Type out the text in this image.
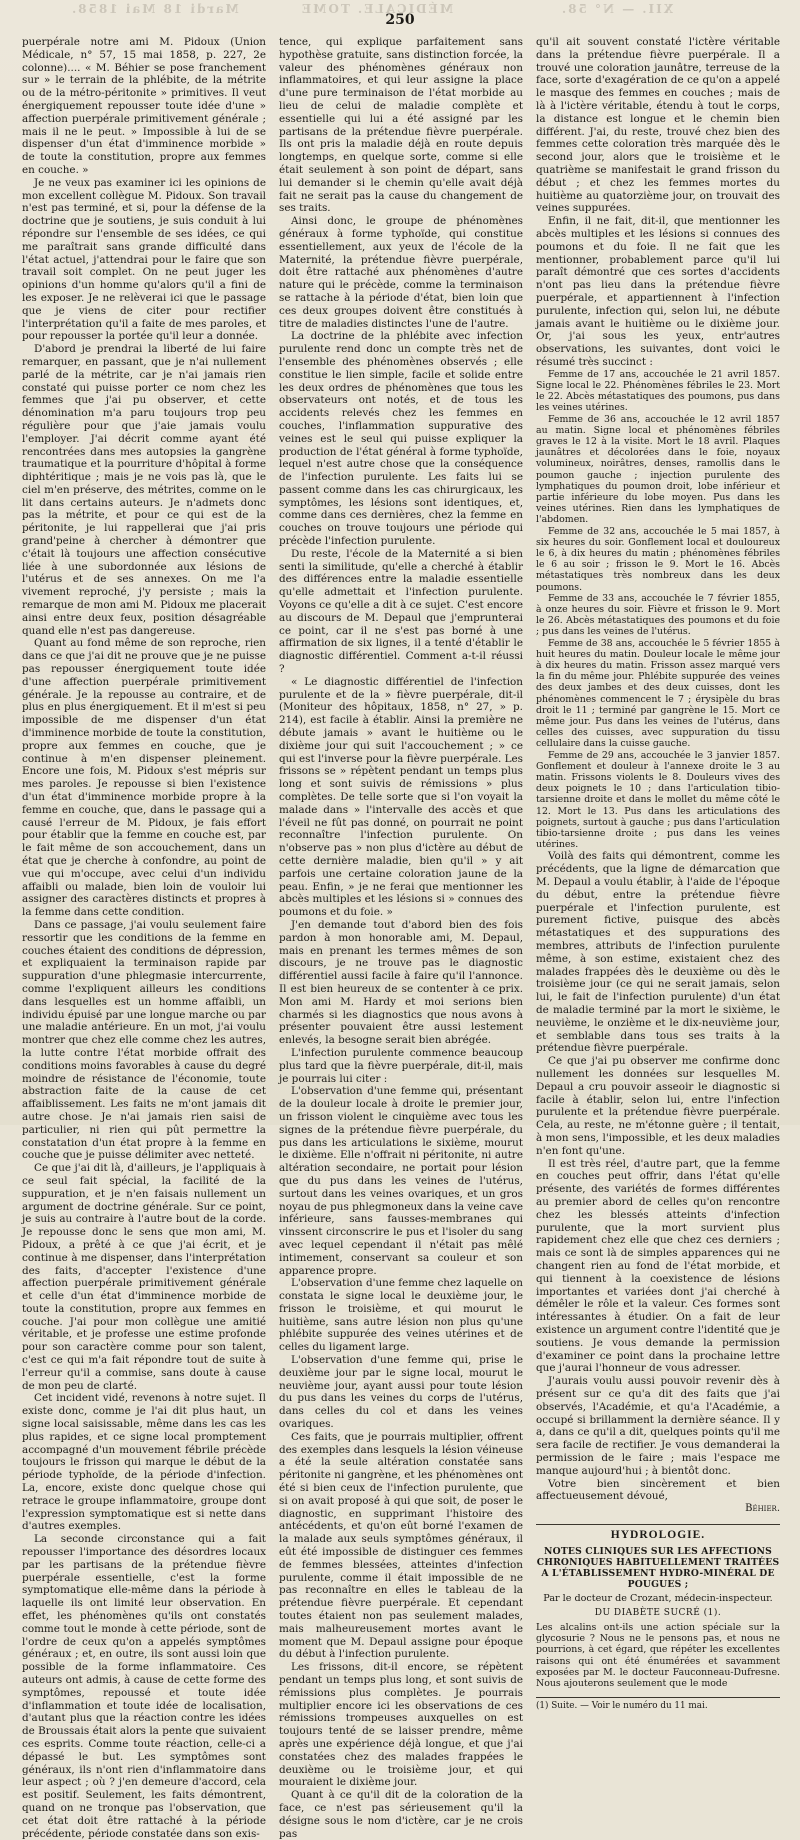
Mardi 18 Mai 1858.	MÉDICALE. TOME	XII. — N° 58.
250

puerpérale notre ami M. Pidoux (Union Médicale, n° 57, 15 mai 1858, p. 227, 2e colonne).... « M. Béhier se pose franchement sur » le terrain de la phlébite, de la métrite ou de la métro-péritonite » primitives. Il veut énergiquement repousser toute idée d'une » affection puerpérale primitivement générale ; mais il ne le peut. » Impossible à lui de se dispenser d'un état d'imminence morbide » de toute la constitution, propre aux femmes en couche. »

Je ne veux pas examiner ici les opinions de mon excellent collègue M. Pidoux. Son travail n'est pas terminé, et si, pour la défense de la doctrine que je soutiens, je suis conduit à lui répondre sur l'ensemble de ses idées, ce qui me paraîtrait sans grande difficulté dans l'état actuel, j'attendrai pour le faire que son travail soit complet. On ne peut juger les opinions d'un homme qu'alors qu'il a fini de les exposer. Je ne relèverai ici que le passage que je viens de citer pour rectifier l'interprétation qu'il a faite de mes paroles, et pour repousser la portée qu'il leur a donnée.

D'abord je prendrai la liberté de lui faire remarquer, en passant, que je n'ai nullement parlé de la métrite, car je n'ai jamais rien constaté qui puisse porter ce nom chez les femmes que j'ai pu observer, et cette dénomination m'a paru toujours trop peu régulière pour que j'aie jamais voulu l'employer. J'ai décrit comme ayant été rencontrées dans mes autopsies la gangrène traumatique et la pourriture d'hôpital à forme diphtéritique ; mais je ne vois pas là, que le ciel m'en préserve, des métrites, comme on le lit dans certains auteurs. Je n'admets donc pas la métrite, et pour ce qui est de la péritonite, je lui rappellerai que j'ai pris grand'peine à chercher à démontrer que c'était là toujours une affection consécutive liée à une subordonnée aux lésions de l'utérus et de ses annexes. On me l'a vivement reproché, j'y persiste ; mais la remarque de mon ami M. Pidoux me placerait ainsi entre deux feux, position désagréable quand elle n'est pas dangereuse.

Quant au fond même de son reproche, rien dans ce que j'ai dit ne prouve que je ne puisse pas repousser énergiquement toute idée d'une affection puerpérale primitivement générale. Je la repousse au contraire, et de plus en plus énergiquement. Et il m'est si peu impossible de me dispenser d'un état d'imminence morbide de toute la constitution, propre aux femmes en couche, que je continue à m'en dispenser pleinement. Encore une fois, M. Pidoux s'est mépris sur mes paroles. Je repousse si bien l'existence d'un état d'imminence morbide propre à la femme en couche, que, dans le passage qui a causé l'erreur de M. Pidoux, je fais effort pour établir que la femme en couche est, par le fait même de son accouchement, dans un état que je cherche à confondre, au point de vue qui m'occupe, avec celui d'un individu affaibli ou malade, bien loin de vouloir lui assigner des caractères distincts et propres à la femme dans cette condition.

Dans ce passage, j'ai voulu seulement faire ressortir que les conditions de la femme en couches étaient des conditions de dépression, et expliquaient la terminaison rapide par suppuration d'une phlegmasie intercurrente, comme l'expliquent ailleurs les conditions dans lesquelles est un homme affaibli, un individu épuisé par une longue marche ou par une maladie antérieure. En un mot, j'ai voulu montrer que chez elle comme chez les autres, la lutte contre l'état morbide offrait des conditions moins favorables à cause du degré moindre de résistance de l'économie, toute abstraction faite de la cause de cet affaiblissement. Les faits ne m'ont jamais dit autre chose. Je n'ai jamais rien saisi de particulier, ni rien qui pût permettre la constatation d'un état propre à la femme en couche que je puisse délimiter avec netteté.

Ce que j'ai dit là, d'ailleurs, je l'appliquais à ce seul fait spécial, la facilité de la suppuration, et je n'en faisais nullement un argument de doctrine générale. Sur ce point, je suis au contraire à l'autre bout de la corde. Je repousse donc le sens que mon ami, M. Pidoux, a prêté à ce que j'ai écrit, et je continue à me dispenser, dans l'interprétation des faits, d'accepter l'existence d'une affection puerpérale primitivement générale et celle d'un état d'imminence morbide de toute la constitution, propre aux femmes en couche. J'ai pour mon collègue une amitié véritable, et je professe une estime profonde pour son caractère comme pour son talent, c'est ce qui m'a fait répondre tout de suite à l'erreur qu'il a commise, sans doute à cause de mon peu de clarté.

Cet incident vidé, revenons à notre sujet. Il existe donc, comme je l'ai dit plus haut, un signe local saisissable, même dans les cas les plus rapides, et ce signe local promptement accompagné d'un mouvement fébrile précède toujours le frisson qui marque le début de la période typhoïde, de la période d'infection. La, encore, existe donc quelque chose qui retrace le groupe inflammatoire, groupe dont l'expression symptomatique est si nette dans d'autres exemples.

La seconde circonstance qui a fait repousser l'importance des désordres locaux par les partisans de la prétendue fièvre puerpérale essentielle, c'est la forme symptomatique elle-même dans la période à laquelle ils ont limité leur observation. En effet, les phénomènes qu'ils ont constatés comme tout le monde à cette période, sont de l'ordre de ceux qu'on a appelés symptômes généraux ; et, en outre, ils sont aussi loin que possible de la forme inflammatoire. Ces auteurs ont admis, à cause de cette forme des symptômes, repoussé et toute idée d'inflammation et toute idée de localisation, d'autant plus que la réaction contre les idées de Broussais était alors la pente que suivaient ces esprits. Comme toute réaction, celle-ci a dépassé le but. Les symptômes sont généraux, ils n'ont rien d'inflammatoire dans leur aspect ; où ? j'en demeure d'accord, cela est positif. Seulement, les faits démontrent, quand on ne tronque pas l'observation, que cet état doit être rattaché à la période précédente, période constatée dans son exis-

tence, qui explique parfaitement sans hypothèse gratuite, sans distinction forcée, la valeur des phénomènes généraux non inflammatoires, et qui leur assigne la place d'une pure terminaison de l'état morbide au lieu de celui de maladie complète et essentielle qui lui a été assigné par les partisans de la prétendue fièvre puerpérale. Ils ont pris la maladie déjà en route depuis longtemps, en quelque sorte, comme si elle était seulement à son point de départ, sans lui demander si le chemin qu'elle avait déjà fait ne serait pas la cause du changement de ses traits.

Ainsi donc, le groupe de phénomènes généraux à forme typhoïde, qui constitue essentiellement, aux yeux de l'école de la Maternité, la prétendue fièvre puerpérale, doit être rattaché aux phénomènes d'autre nature qui le précède, comme la terminaison se rattache à la période d'état, bien loin que ces deux groupes doivent être constitués à titre de maladies distinctes l'une de l'autre.

La doctrine de la phlébite avec infection purulente rend donc un compte très net de l'ensemble des phénomènes observés ; elle constitue le lien simple, facile et solide entre les deux ordres de phénomènes que tous les observateurs ont notés, et de tous les accidents relevés chez les femmes en couches, l'inflammation suppurative des veines est le seul qui puisse expliquer la production de l'état général à forme typhoïde, lequel n'est autre chose que la conséquence de l'infection purulente. Les faits lui se passent comme dans les cas chirurgicaux, les symptômes, les lésions sont identiques, et, comme dans ces dernières, chez la femme en couches on trouve toujours une période qui précède l'infection purulente.

Du reste, l'école de la Maternité a si bien senti la similitude, qu'elle a cherché à établir des différences entre la maladie essentielle qu'elle admettait et l'infection purulente. Voyons ce qu'elle a dit à ce sujet. C'est encore au discours de M. Depaul que j'emprunterai ce point, car il ne s'est pas borné à une affirmation de six lignes, il a tenté d'établir le diagnostic différentiel. Comment a-t-il réussi ?

« Le diagnostic différentiel de l'infection purulente et de la » fièvre puerpérale, dit-il (Moniteur des hôpitaux, 1858, n° 27, » p. 214), est facile à établir. Ainsi la première ne débute jamais » avant le huitième ou le dixième jour qui suit l'accouchement ; » ce qui est l'inverse pour la fièvre puerpérale. Les frissons se » répètent pendant un temps plus long et sont suivis de rémissions » plus complètes. De telle sorte que si l'on voyait la malade dans » l'intervalle des accès et que l'éveil ne fût pas donné, on pourrait ne point reconnaître l'infection purulente. On n'observe pas » non plus d'ictère au début de cette dernière maladie, bien qu'il » y ait parfois une certaine coloration jaune de la peau. Enfin, » je ne ferai que mentionner les abcès multiples et les lésions si » connues des poumons et du foie. »

J'en demande tout d'abord bien des fois pardon à mon honorable ami, M. Depaul, mais en prenant les termes mêmes de son discours, je ne trouve pas le diagnostic différentiel aussi facile à faire qu'il l'annonce. Il est bien heureux de se contenter à ce prix. Mon ami M. Hardy et moi serions bien charmés si les diagnostics que nous avons à présenter pouvaient être aussi lestement enlevés, la besogne serait bien abrégée.

L'infection purulente commence beaucoup plus tard que la fièvre puerpérale, dit-il, mais je pourrais lui citer :

L'observation d'une femme qui, présentant de la douleur locale à droite le premier jour, un frisson violent le cinquième avec tous les signes de la prétendue fièvre puerpérale, du pus dans les articulations le sixième, mourut le dixième. Elle n'offrait ni péritonite, ni autre altération secondaire, ne portait pour lésion que du pus dans les veines de l'utérus, surtout dans les veines ovariques, et un gros noyau de pus phlegmoneux dans la veine cave inférieure, sans fausses-membranes qui vinssent circonscrire le pus et l'isoler du sang avec lequel cependant il n'était pas mêlé intimement, conservant sa couleur et son apparence propre.

L'observation d'une femme chez laquelle on constata le signe local le deuxième jour, le frisson le troisième, et qui mourut le huitième, sans autre lésion non plus qu'une phlébite suppurée des veines utérines et de celles du ligament large.

L'observation d'une femme qui, prise le deuxième jour par le signe local, mourut le neuvième jour, ayant aussi pour toute lésion du pus dans les veines du corps de l'utérus, dans celles du col et dans les veines ovariques.

Ces faits, que je pourrais multiplier, offrent des exemples dans lesquels la lésion véineuse a été la seule altération constatée sans péritonite ni gangrène, et les phénomènes ont été si bien ceux de l'infection purulente, que si on avait proposé à qui que soit, de poser le diagnostic, en supprimant l'histoire des antécédents, et qu'on eût borné l'examen de la malade aux seuls symptômes généraux, il eût été impossible de distinguer ces femmes de femmes blessées, atteintes d'infection purulente, comme il était impossible de ne pas reconnaître en elles le tableau de la prétendue fièvre puerpérale. Et cependant toutes étaient non pas seulement malades, mais malheureusement mortes avant le moment que M. Depaul assigne pour époque du début à l'infection purulente.

Les frissons, dit-il encore, se répètent pendant un temps plus long, et sont suivis de rémissions plus complètes. Je pourrais multiplier encore ici les observations de ces rémissions trompeuses auxquelles on est toujours tenté de se laisser prendre, même après une expérience déjà longue, et que j'ai constatées chez des malades frappées le deuxième ou le troisième jour, et qui mouraient le dixième jour.

Quant à ce qu'il dit de la coloration de la face, ce n'est pas sérieusement qu'il la désigne sous le nom d'ictère, car je ne crois pas

qu'il ait souvent constaté l'ictère véritable dans la prétendue fièvre puerpérale. Il a trouvé une coloration jaunâtre, terreuse de la face, sorte d'exagération de ce qu'on a appelé le masque des femmes en couches ; mais de là à l'ictère véritable, étendu à tout le corps, la distance est longue et le chemin bien différent. J'ai, du reste, trouvé chez bien des femmes cette coloration très marquée dès le second jour, alors que le troisième et le quatrième se manifestait le grand frisson du début ; et chez les femmes mortes du huitième au quatorzième jour, on trouvait des veines suppurées.

Enfin, il ne fait, dit-il, que mentionner les abcès multiples et les lésions si connues des poumons et du foie. Il ne fait que les mentionner, probablement parce qu'il lui paraît démontré que ces sortes d'accidents n'ont pas lieu dans la prétendue fièvre puerpérale, et appartiennent à l'infection purulente, infection qui, selon lui, ne débute jamais avant le huitième ou le dixième jour. Or, j'ai sous les yeux, entr'autres observations, les suivantes, dont voici le résumé très succinct :

Femme de 17 ans, accouchée le 21 avril 1857. Signe local le 22. Phénomènes fébriles le 23. Mort le 22. Abcès métastatiques des poumons, pus dans les veines utérines.

Femme de 36 ans, accouchée le 12 avril 1857 au matin. Signe local et phénomènes fébriles graves le 12 à la visite. Mort le 18 avril. Plaques jaunâtres et décolorées dans le foie, noyaux volumineux, noirâtres, denses, ramollis dans le poumon gauche ; injection purulente des lymphatiques du poumon droit, lobe inférieur et partie inférieure du lobe moyen. Pus dans les veines utérines. Rien dans les lymphatiques de l'abdomen.

Femme de 32 ans, accouchée le 5 mai 1857, à six heures du soir. Gonflement local et douloureux le 6, à dix heures du matin ; phénomènes fébriles le 6 au soir ; frisson le 9. Mort le 16. Abcès métastatiques très nombreux dans les deux poumons.

Femme de 33 ans, accouchée le 7 février 1855, à onze heures du soir. Fièvre et frisson le 9. Mort le 26. Abcès métastatiques des poumons et du foie ; pus dans les veines de l'utérus.

Femme de 38 ans, accouchée le 5 février 1855 à huit heures du matin. Douleur locale le même jour à dix heures du matin. Frisson assez marqué vers la fin du même jour. Phlébite suppurée des veines des deux jambes et des deux cuisses, dont les phénomènes commencent le 7 ; érysipèle du bras droit le 11 ; terminé par gangrène le 15. Mort ce même jour. Pus dans les veines de l'utérus, dans celles des cuisses, avec suppuration du tissu cellulaire dans la cuisse gauche.

Femme de 29 ans, accouchée le 3 janvier 1857. Gonflement et douleur à l'annexe droite le 3 au matin. Frissons violents le 8. Douleurs vives des deux poignets le 10 ; dans l'articulation tibio-tarsienne droite et dans le mollet du même côté le 12. Mort le 13. Pus dans les articulations des poignets, surtout à gauche ; pus dans l'articulation tibio-tarsienne droite ; pus dans les veines utérines.

Voilà des faits qui démontrent, comme les précédents, que la ligne de démarcation que M. Depaul a voulu établir, à l'aide de l'époque du début, entre la prétendue fièvre puerpérale et l'infection purulente, est purement fictive, puisque des abcès métastatiques et des suppurations des membres, attributs de l'infection purulente même, à son estime, existaient chez des malades frappées dès le deuxième ou dès le troisième jour (ce qui ne serait jamais, selon lui, le fait de l'infection purulente) d'un état de maladie terminé par la mort le sixième, le neuvième, le onzième et le dix-neuvième jour, et semblable dans tous ses traits à la prétendue fièvre puerpérale.

Ce que j'ai pu observer me confirme donc nullement les données sur lesquelles M. Depaul a cru pouvoir asseoir le diagnostic si facile à établir, selon lui, entre l'infection purulente et la prétendue fièvre puerpérale. Cela, au reste, ne m'étonne guère ; il tentait, à mon sens, l'impossible, et les deux maladies n'en font qu'une.

Il est très réel, d'autre part, que la femme en couches peut offrir, dans l'état qu'elle présente, des variétés de formes différentes au premier abord de celles qu'on rencontre chez les blessés atteints d'infection purulente, que la mort survient plus rapidement chez elle que chez ces derniers ; mais ce sont là de simples apparences qui ne changent rien au fond de l'état morbide, et qui tiennent à la coexistence de lésions importantes et variées dont j'ai cherché à démêler le rôle et la valeur. Ces formes sont intéressantes à étudier. On a fait de leur existence un argument contre l'identité que je soutiens. Je vous demande la permission d'examiner ce point dans la prochaine lettre que j'aurai l'honneur de vous adresser.

J'aurais voulu aussi pouvoir revenir dès à présent sur ce qu'a dit des faits que j'ai observés, l'Académie, et qu'a l'Académie, a occupé si brillamment la dernière séance. Il y a, dans ce qu'il a dit, quelques points qu'il me sera facile de rectifier. Je vous demanderai la permission de le faire ; mais l'espace me manque aujourd'hui ; à bientôt donc.

Votre bien sincèrement et bien affectueusement dévoué,

Béhier.

HYDROLOGIE.
NOTES CLINIQUES SUR LES AFFECTIONS CHRONIQUES HABITUELLEMENT TRAITÉES A L'ÉTABLISSEMENT HYDRO-MINÉRAL DE POUGUES ;
Par le docteur de Crozant, médecin-inspecteur.
DU DIABÈTE SUCRÉ (1).

Les alcalins ont-ils une action spéciale sur la glycosurie ? Nous ne le pensons pas, et nous ne pourrions, à cet égard, que répéter les excellentes raisons qui ont été énumérées et savamment exposées par M. le docteur Fauconneau-Dufresne. Nous ajouterons seulement que le mode

(1) Suite. — Voir le numéro du 11 mai.
